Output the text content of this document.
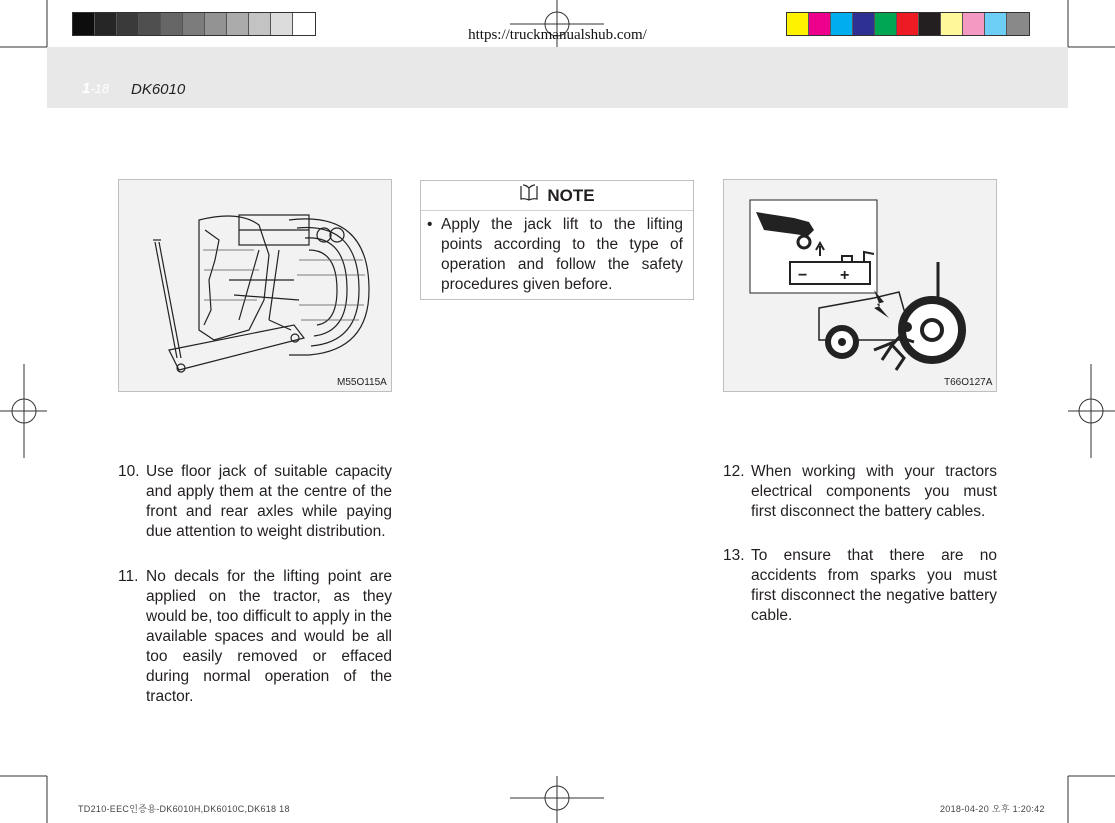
https://truckmanualshub.com/
1-18 DK6010
M55O115A
NOTE
• Apply the jack lift to the lifting points according to the type of operation and follow the safety procedures given before.
− +
T66O127A
10. Use floor jack of suitable capacity and apply them at the centre of the front and rear axles while paying due attention to weight distribution.
11. No decals for the lifting point are applied on the tractor, as they would be, too difficult to apply in the available spaces and would be all too easily removed or effaced during normal operation of the tractor.
12. When working with your tractors electrical components you must first disconnect the battery cables.
13. To ensure that there are no accidents from sparks you must first disconnect the negative battery cable.
TD210-EEC인증용-DK6010H,DK6010C,DK618 18	2018-04-20 오후 1:20:42
